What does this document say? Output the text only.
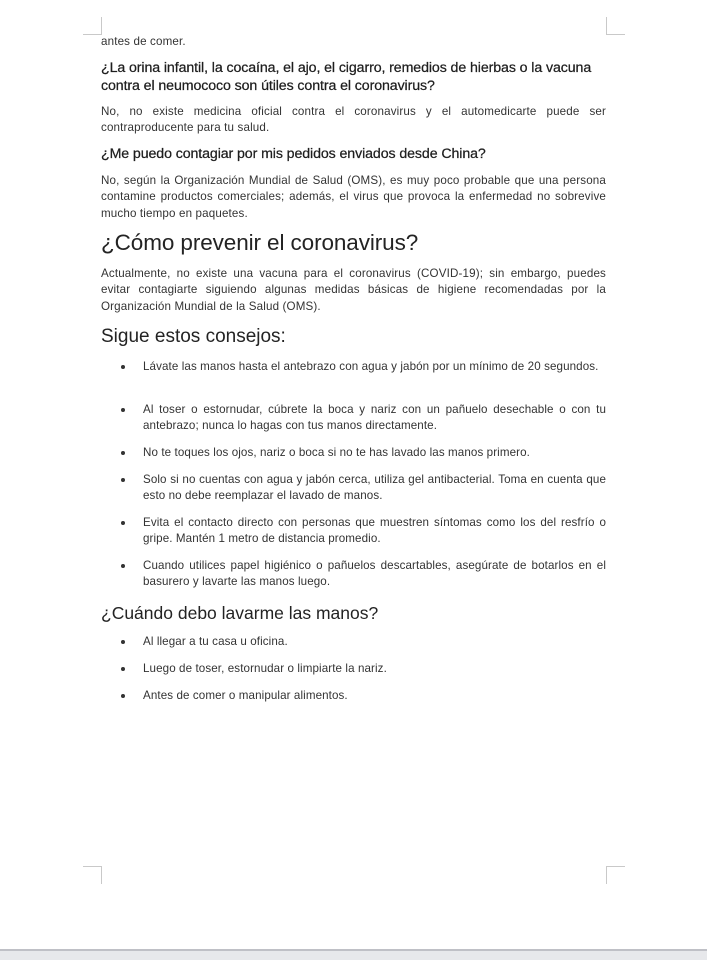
antes de comer.
¿La orina infantil, la cocaína, el ajo, el cigarro, remedios de hierbas o la vacuna contra el neumococo son útiles contra el coronavirus?
No, no existe medicina oficial contra el coronavirus y el automedicarte puede ser contraproducente para tu salud.
¿Me puedo contagiar por mis pedidos enviados desde China?
No, según la Organización Mundial de Salud (OMS), es muy poco probable que una persona contamine productos comerciales; además, el virus que provoca la enfermedad no sobrevive mucho tiempo en paquetes.
¿Cómo prevenir el coronavirus?
Actualmente, no existe una vacuna para el coronavirus (COVID-19); sin embargo, puedes evitar contagiarte siguiendo algunas medidas básicas de higiene recomendadas por la Organización Mundial de la Salud (OMS).
Sigue estos consejos:
Lávate las manos hasta el antebrazo con agua y jabón por un mínimo de 20 segundos.
Al toser o estornudar, cúbrete la boca y nariz con un pañuelo desechable o con tu antebrazo; nunca lo hagas con tus manos directamente.
No te toques los ojos, nariz o boca si no te has lavado las manos primero.
Solo si no cuentas con agua y jabón cerca, utiliza gel antibacterial. Toma en cuenta que esto no debe reemplazar el lavado de manos.
Evita el contacto directo con personas que muestren síntomas como los del resfrío o gripe. Mantén 1 metro de distancia promedio.
Cuando utilices papel higiénico o pañuelos descartables, asegúrate de botarlos en el basurero y lavarte las manos luego.
¿Cuándo debo lavarme las manos?
Al llegar a tu casa u oficina.
Luego de toser, estornudar o limpiarte la nariz.
Antes de comer o manipular alimentos.
